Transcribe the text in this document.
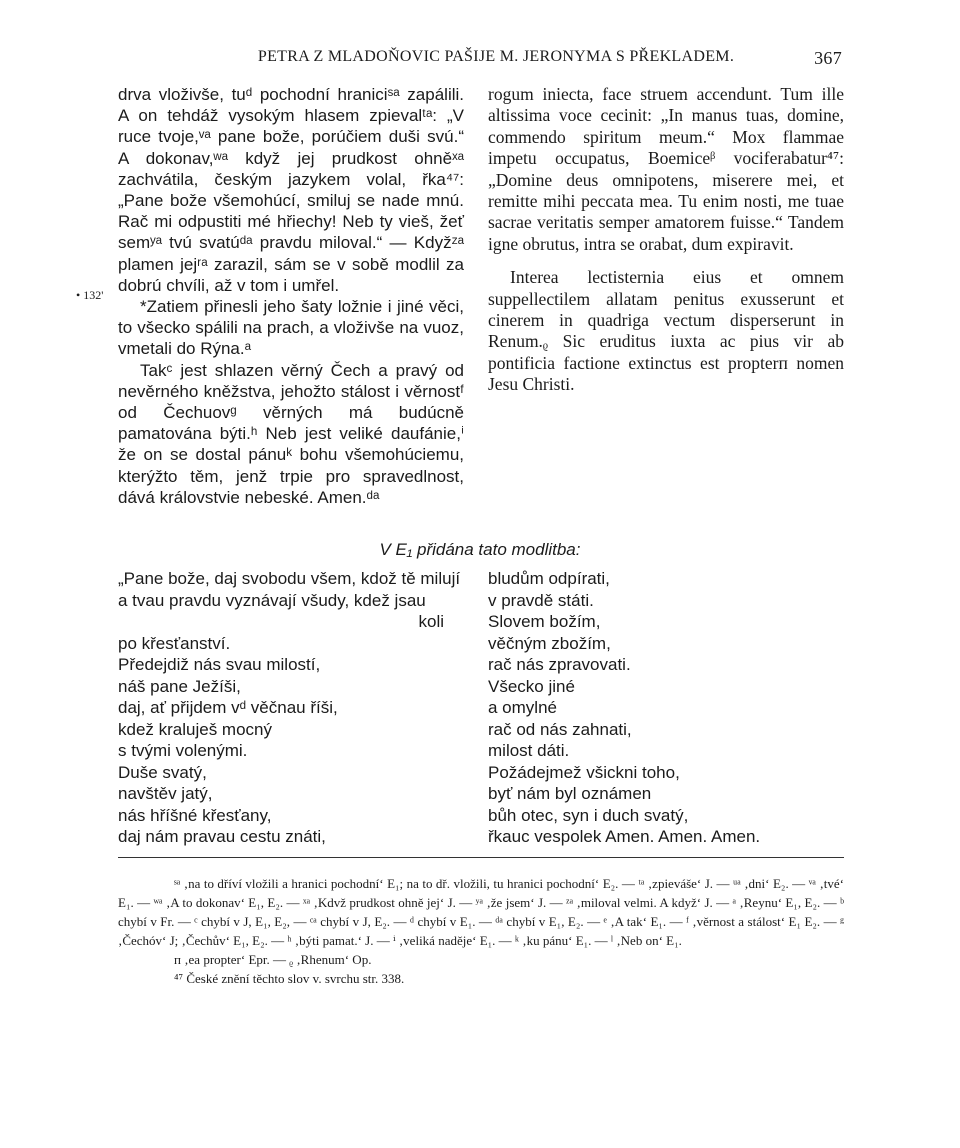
PETRA Z MLADOŇOVIC PAŠIJE M. JERONYMA S PŘEKLADEM.	367
• 132'

drva vloživše, tuᵈ pochodní hraniciˢᵃ zapálili. A on tehdáž vysokým hlasem zpievalᵗᵃ: „V ruce tvoje,ᵛᵃ pane bože, porúčiem duši svú.“ A dokonav,ʷᵃ když jej prudkost ohněˣᵃ zachvátila, českým jazykem volal, řka⁴⁷: „Pane bože všemohúcí, smiluj se nade mnú. Rač mi odpustiti mé hřiechy! Neb ty vieš, žeť semʸᵃ tvú svatúᵈᵃ pravdu miloval.“ — Kdyžᶻᵃ plamen jejʳᵃ zarazil, sám se v sobě modlil za dobrú chvíli, až v tom i umřel.

*Zatiem přinesli jeho šaty ložnie i jiné věci, to všecko spálili na prach, a vloživše na vuoz, vmetali do Rýna.ᵃ

Takᶜ jest shlazen věrný Čech a pravý od nevěrného kněžstva, jehožto stálost i věrnostᶠ od Čechuovᵍ věrných má budúcně pamatována býti.ʰ Neb jest veliké daufánie,ⁱ že on se dostal pánuᵏ bohu všemohúciemu, kterýžto těm, jenž trpie pro spravedlnost, dává královstvie nebeské. Amen.ᵈᵃ

rogum iniecta, face struem accendunt. Tum ille altissima voce cecinit: „In manus tuas, domine, commendo spiritum meum.“ Mox flammae impetu occupatus, Boemiceᵝ vociferabatur⁴⁷: „Domine deus omnipotens, miserere mei, et remitte mihi peccata mea. Tu enim nosti, me tuae sacrae veritatis semper amatorem fuisse.“ Tandem igne obrutus, intra se orabat, dum expiravit.

Interea lectisternia eius et omnem suppellectilem allatam penitus exusserunt et cinerem in quadriga vectum disperserunt in Renum.ᵨ Sic eruditus iuxta ac pius vir ab pontificia factione extinctus est propterᴨ nomen Jesu Christi.

V E₁ přidána tato modlitba:
„Pane bože, daj svobodu všem, kdož tě milují
a tvau pravdu vyznávají všudy, kdež jsau
koli
po křesťanství.
Předejdiž nás svau milostí,
náš pane Ježíši,
daj, ať přijdem vᵈ věčnau říši,
kdež kraluješ mocný
s tvými volenými.
Duše svatý,
navštěv jatý,
nás hříšné křesťany,
daj nám pravau cestu znáti,
bludům odpírati,
v pravdě státi.
Slovem božím,
věčným zbožím,
rač nás zpravovati.
Všecko jiné
a omylné
rač od nás zahnati,
milost dáti.
Požádejmež všickni toho,
byť nám byl oznámen
bůh otec, syn i duch svatý,
řkauc vespolek Amen. Amen. Amen.

ˢᵃ ‚na to dříví vložili a hranici pochodní‘ E₁; na to dř. vložili, tu hranici pochodní‘ E₂. — ᵗᵃ ‚zpieváše‘ J. — ᵘᵃ ‚dni‘ E₂. — ᵛᵃ ‚tvé‘ E₁. — ʷᵃ ‚A to dokonav‘ E₁, E₂. — ˣᵃ ‚Kdvž prudkost ohně jej‘ J. — ʸᵃ ‚že jsem‘ J. — ᶻᵃ ‚miloval velmi. A když‘ J. — ᵃ ‚Reynu‘ E₁, E₂. — ᵇ chybí v Fr. — ᶜ chybí v J, E₁, E₂, — ᶜᵃ chybí v J, E₂. — ᵈ chybí v E₁. — ᵈᵃ chybí v E₁, E₂. — ᵉ ‚A tak‘ E₁. — ᶠ ‚věrnost a stálost‘ E₁ E₂. — ᵍ ‚Čechóv‘ J; ‚Čechův‘ E₁, E₂. — ʰ ‚býti pamat.‘ J. — ⁱ ‚veliká naděje‘ E₁. — ᵏ ‚ku pánu‘ E₁. — ˡ ‚Neb on‘ E₁.

ᴨ ‚ea propter‘ Epr. — ᵨ ‚Rhenum‘ Op.

⁴⁷ České znění těchto slov v. svrchu str. 338.
